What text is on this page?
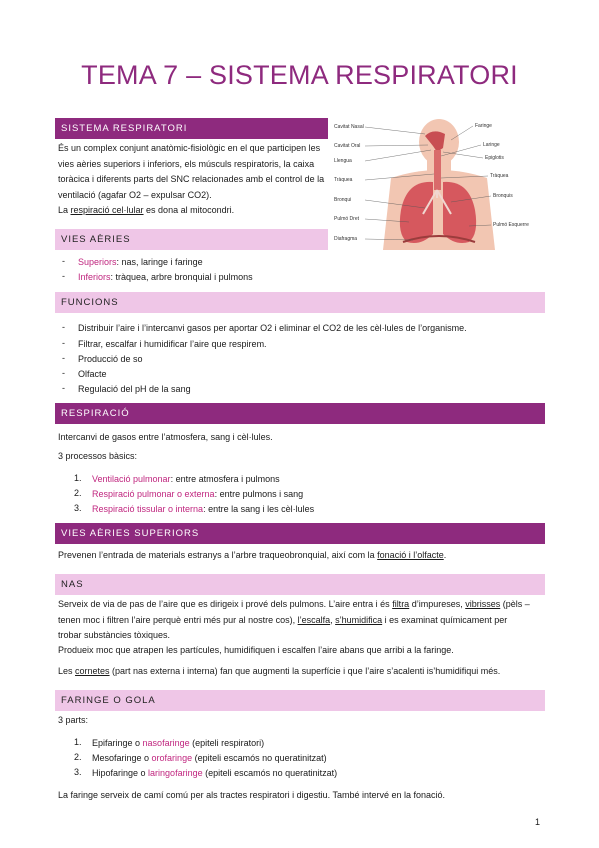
TEMA 7 – SISTEMA RESPIRATORI
Cavitat Nasal
Cavitat Oral
Llengua
Tràquea
Bronqui
Pulmó Dret
Diafragma
Faringe
Laringe
Epiglotis
Tràquea
Bronquis
Pulmó Esquerre
SISTEMA RESPIRATORI
És un complex conjunt anatòmic-fisiològic en el que participen les
vies aèries superiors i inferiors, els músculs respiratoris, la caixa
toràcica i diferents parts del SNC relacionades amb el control de la
ventilació (agafar O2 – expulsar CO2).
La respiració cel·lular es dona al mitocondri.
VIES AÈRIES
- Superiors: nas, laringe i faringe
- Inferiors: tràquea, arbre bronquial i pulmons
FUNCIONS
- Distribuir l’aire i l’intercanvi gasos per aportar O2 i eliminar el CO2 de les cèl·lules de l’organisme.
- Filtrar, escalfar i humidificar l’aire que respirem.
- Producció de so
- Olfacte
- Regulació del pH de la sang
RESPIRACIÓ
Intercanvi de gasos entre l’atmosfera, sang i cèl·lules.
3 processos bàsics:
1. Ventilació pulmonar: entre atmosfera i pulmons
2. Respiració pulmonar o externa: entre pulmons i sang
3. Respiració tissular o interna: entre la sang i les cèl·lules
VIES AÈRIES SUPERIORS
Prevenen l’entrada de materials estranys a l’arbre traqueobronquial, així com la fonació i l’olfacte.
NAS
Serveix de via de pas de l’aire que es dirigeix i prové dels pulmons. L’aire entra i és filtra d’impureses, vibrisses (pèls –
tenen moc i filtren l’aire perquè entri més pur al nostre cos), l’escalfa, s’humidifica i es examinat químicament per
trobar substàncies tòxiques.
Produeix moc que atrapen les partícules, humidifiquen i escalfen l’aire abans que arribi a la faringe.
Les cornetes (part nas externa i interna) fan que augmenti la superfície i que l’aire s’acalenti is’humidifiqui més.
FARINGE O GOLA
3 parts:
1. Epifaringe o nasofaringe (epiteli respiratori)
2. Mesofaringe o orofaringe (epiteli escamós no queratinitzat)
3. Hipofaringe o laringofaringe (epiteli escamós no queratinitzat)
La faringe serveix de camí comú per als tractes respiratori i digestiu. També intervé en la fonació.
1
